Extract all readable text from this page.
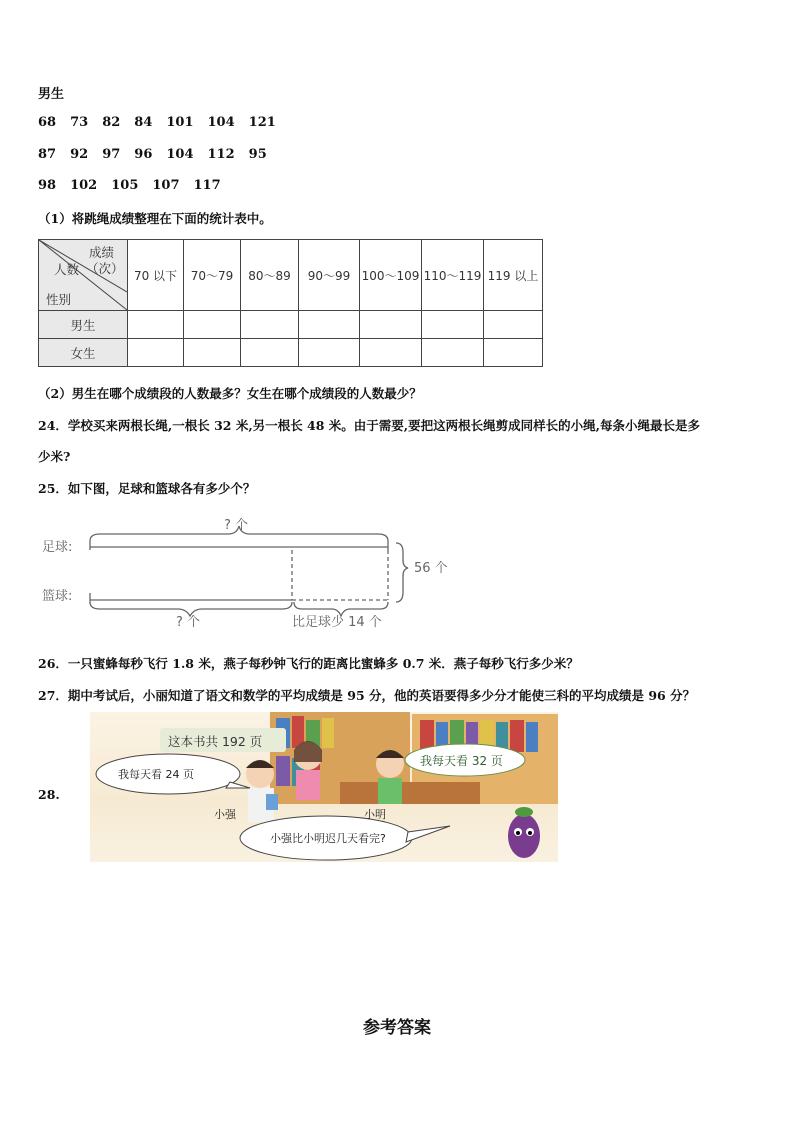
男生
68 73 82 84 101 104 121
87 92 97 96 104 112 95
98 102 105 107 117
（1）将跳绳成绩整理在下面的统计表中。
成绩
（次）
人数
性别	70 以下	70～79	80～89	90～99	100～109	110～119	119 以上
男生							
女生							
（2）男生在哪个成绩段的人数最多？女生在哪个成绩段的人数最少？
24．学校买来两根长绳,一根长 32 米,另一根长 48 米。由于需要,要把这两根长绳剪成同样长的小绳,每条小绳最长是多
少米?
25．如下图，足球和篮球各有多少个？
? 个
足球:
篮球:
56 个
? 个	比足球少 14 个
26．一只蜜蜂每秒飞行 1.8 米，燕子每秒钟飞行的距离比蜜蜂多 0.7 米．燕子每秒飞行多少米？
27．期中考试后，小丽知道了语文和数学的平均成绩是 95 分，他的英语要得多少分才能使三科的平均成绩是 96 分？
28.
这本书共 192 页
我每天看 24 页
我每天看 32 页
小强	小明
小强比小明迟几天看完?
参考答案
